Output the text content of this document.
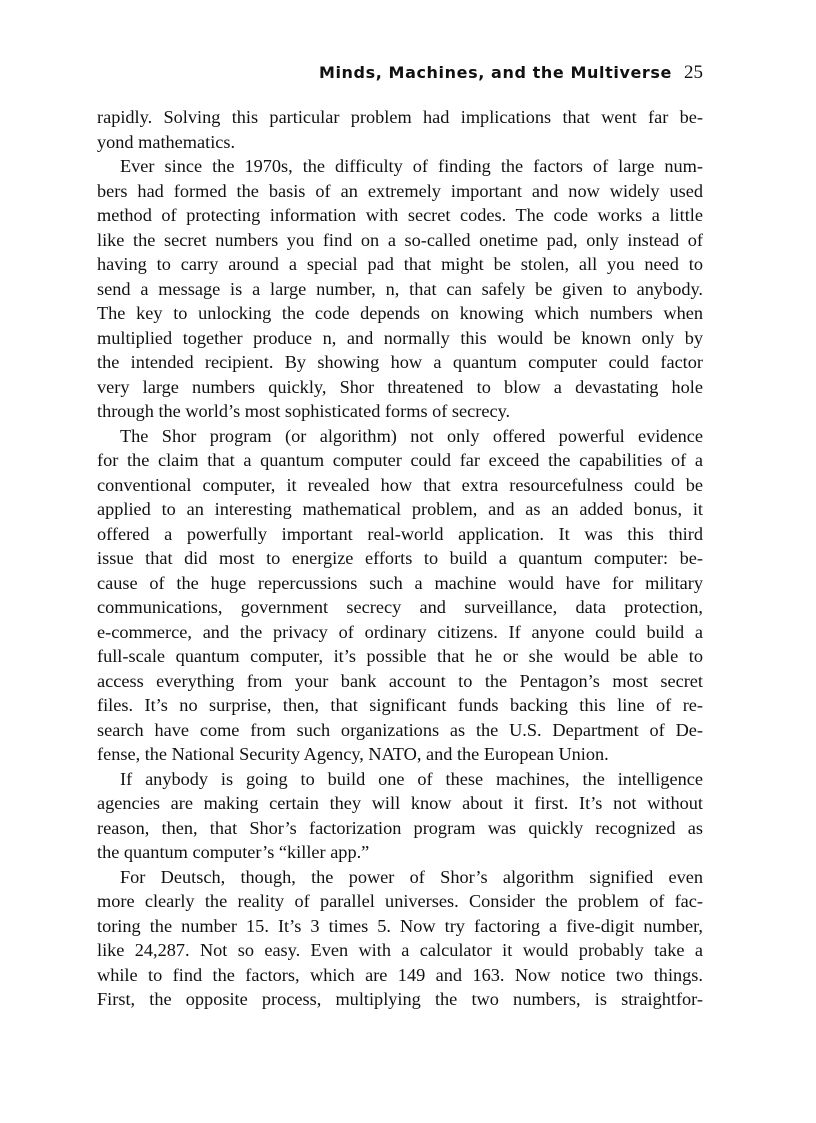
Minds, Machines, and the Multiverse 25
rapidly. Solving this particular problem had implications that went far be-
yond mathematics.
Ever since the 1970s, the difficulty of finding the factors of large num-
bers had formed the basis of an extremely important and now widely used
method of protecting information with secret codes. The code works a little
like the secret numbers you find on a so-called onetime pad, only instead of
having to carry around a special pad that might be stolen, all you need to
send a message is a large number, n, that can safely be given to anybody.
The key to unlocking the code depends on knowing which numbers when
multiplied together produce n, and normally this would be known only by
the intended recipient. By showing how a quantum computer could factor
very large numbers quickly, Shor threatened to blow a devastating hole
through the world’s most sophisticated forms of secrecy.
The Shor program (or algorithm) not only offered powerful evidence
for the claim that a quantum computer could far exceed the capabilities of a
conventional computer, it revealed how that extra resourcefulness could be
applied to an interesting mathematical problem, and as an added bonus, it
offered a powerfully important real-world application. It was this third
issue that did most to energize efforts to build a quantum computer: be-
cause of the huge repercussions such a machine would have for military
communications, government secrecy and surveillance, data protection,
e-commerce, and the privacy of ordinary citizens. If anyone could build a
full-scale quantum computer, it’s possible that he or she would be able to
access everything from your bank account to the Pentagon’s most secret
files. It’s no surprise, then, that significant funds backing this line of re-
search have come from such organizations as the U.S. Department of De-
fense, the National Security Agency, NATO, and the European Union.
If anybody is going to build one of these machines, the intelligence
agencies are making certain they will know about it first. It’s not without
reason, then, that Shor’s factorization program was quickly recognized as
the quantum computer’s “killer app.”
For Deutsch, though, the power of Shor’s algorithm signified even
more clearly the reality of parallel universes. Consider the problem of fac-
toring the number 15. It’s 3 times 5. Now try factoring a five-digit number,
like 24,287. Not so easy. Even with a calculator it would probably take a
while to find the factors, which are 149 and 163. Now notice two things.
First, the opposite process, multiplying the two numbers, is straightfor-
